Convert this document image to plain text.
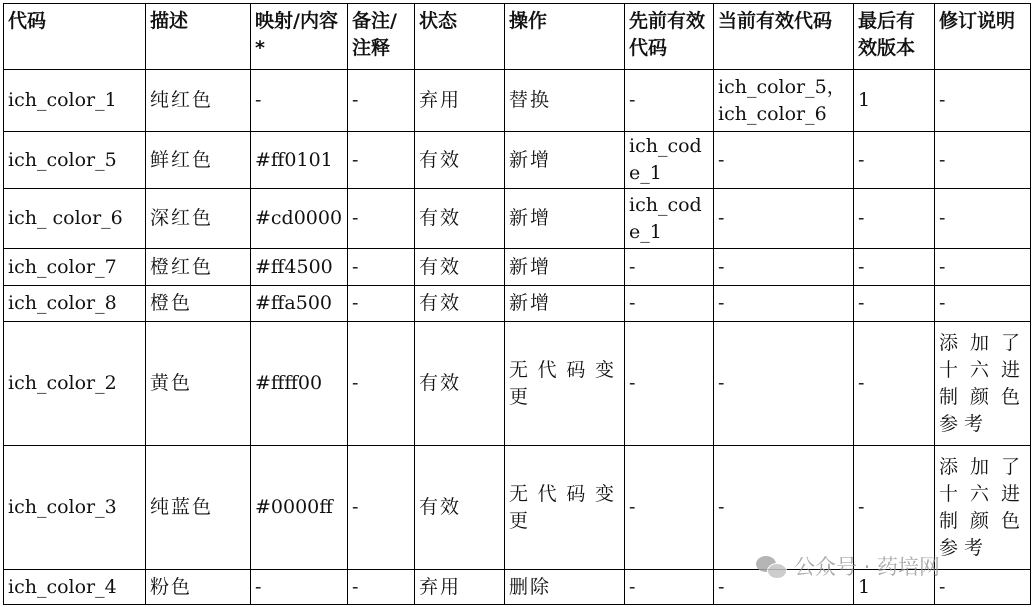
代码	描述	映射/内容*	备注/注释	状态	操作	先前有效代码	当前有效代码	最后有效版本	修订说明
ich_color_1	纯红色	-	-	弃用	替换	-	ich_color_5，ich_color_6	1	-
ich_color_5	鲜红色	#ff0101	-	有效	新增	ich_code_1	-	-	-
ich_ color_6	深红色	#cd0000	-	有效	新增	ich_code_1	-	-	-
ich_color_7	橙红色	#ff4500	-	有效	新增	-	-	-	-
ich_color_8	橙色	#ffa500	-	有效	新增	-	-	-	-
ich_color_2	黄色	#ffff00	-	有效	无代码变更	-	-	-	添加了十六进制颜色参考
ich_color_3	纯蓝色	#0000ff	-	有效	无代码变更	-	-	-	添加了十六进制颜色参考
ich_color_4	粉色	-	-	弃用	删除	-	-	1	-
公众号 · 药培网
